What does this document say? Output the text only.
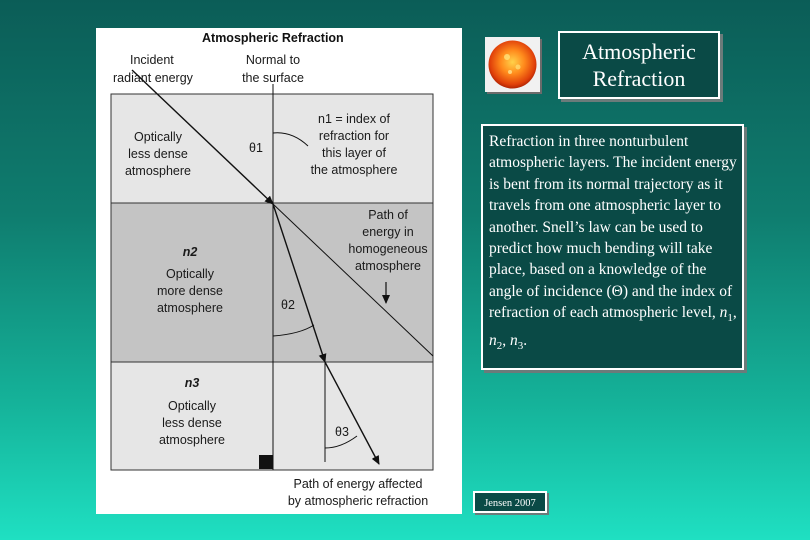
Atmospheric Refraction
Incident
radiant energy
Normal to
the surface
Optically
less dense
atmosphere
n1 = index of
refraction for
this layer of
the atmosphere
θ1
Path of
energy in
homogeneous
atmosphere
n2
Optically
more dense
atmosphere	θ2
n3
Optically
less dense
atmosphere
θ3
Path of energy affected
by atmospheric refraction
Atmospheric
Refraction
Refraction in three nonturbulent atmospheric layers. The incident energy is bent from its normal trajectory as it travels from one atmospheric layer to another. Snell’s law can be used to predict how much bending will take place, based on a knowledge of the angle of incidence (Θ) and the index of refraction of each atmospheric level, $n_1$, $n_2$, $n_3$.
Jensen 2007
